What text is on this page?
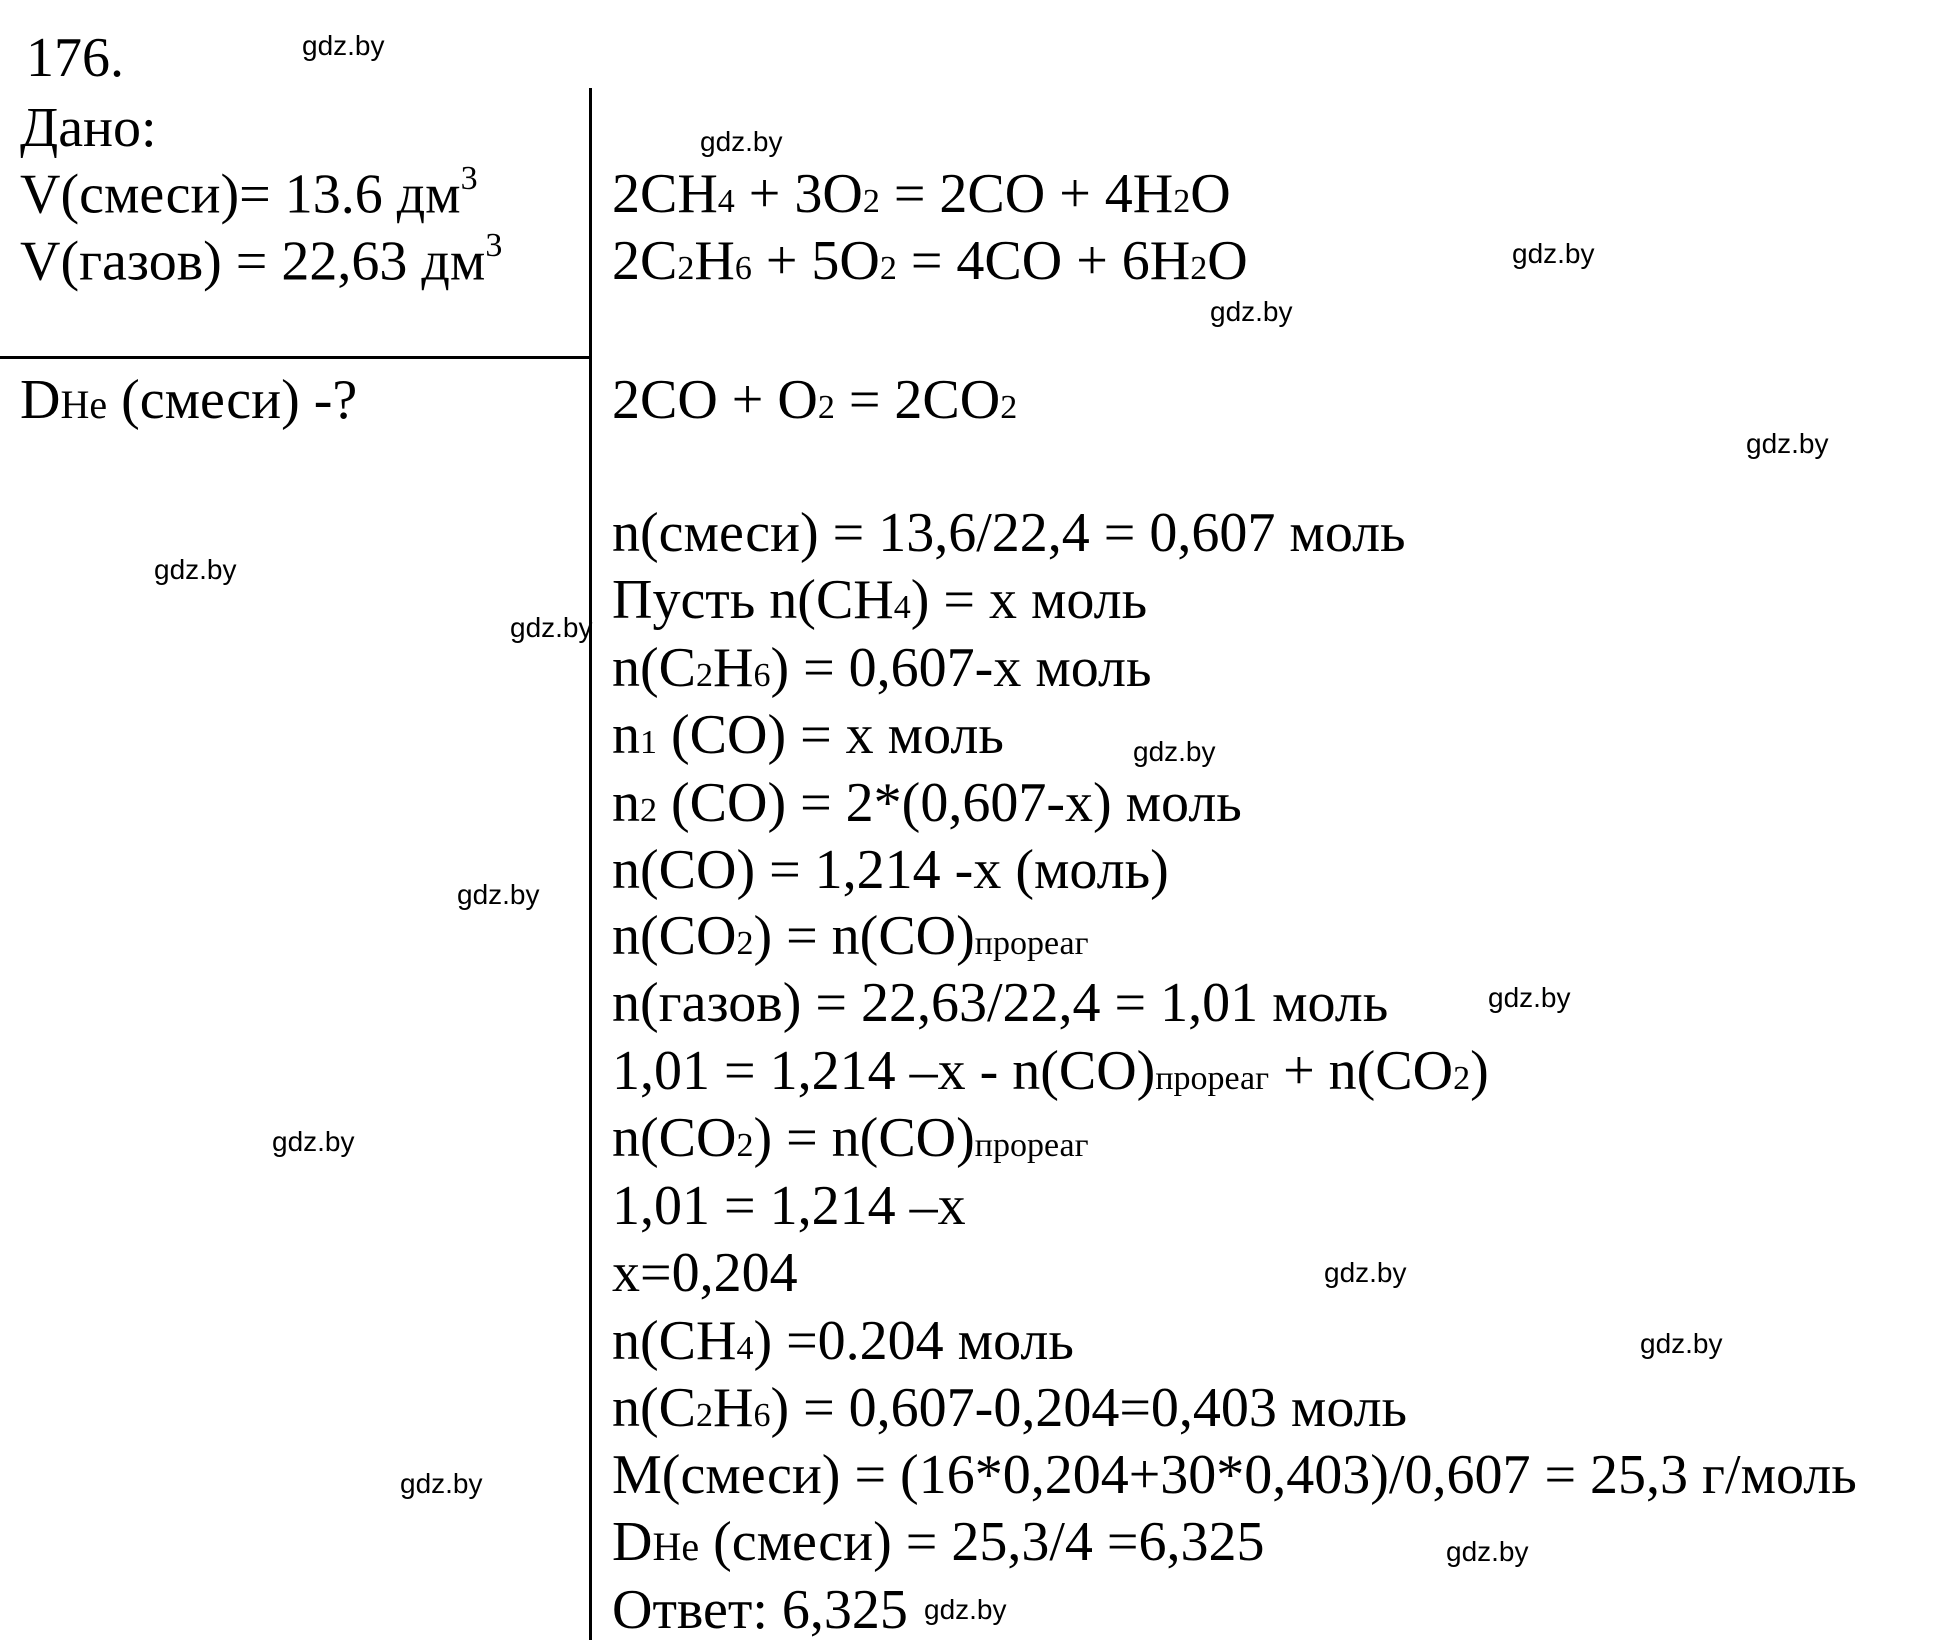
176.
Дано:
V(смеси)= 13.6 $дм^3$
V(газов) = 22,63 $дм^3$
DHe (смеси) -?
2CH4 + 3O2 = 2CO + 4H2O
2C2H6 + 5O2 = 4CO + 6H2O
2CO + O2 = 2CO2
n(смеси) = 13,6/22,4 = 0,607 моль
Пусть n(CH4) = x моль
n(C2H6) = 0,607-x моль
n1 (CO) = x моль
n2 (CO) = 2*(0,607-x) моль
n(CO) = 1,214 -x (моль)
n(CO2) = n(CO)прореаг
n(газов) = 22,63/22,4 = 1,01 моль
1,01 = 1,214 –x - n(CO)прореаг + n(CO2)
n(CO2) = n(CO)прореаг
1,01 = 1,214 –x
x=0,204
n(CH4) =0.204 моль
n(C2H6) = 0,607-0,204=0,403 моль
M(смеси) = (16*0,204+30*0,403)/0,607 = 25,3 г/моль
DHe (смеси) = 25,3/4 =6,325
Ответ: 6,325
gdz.by
gdz.by
gdz.by
gdz.by
gdz.by
gdz.by
gdz.by
gdz.by
gdz.by
gdz.by
gdz.by
gdz.by
gdz.by
gdz.by
gdz.by
gdz.by
